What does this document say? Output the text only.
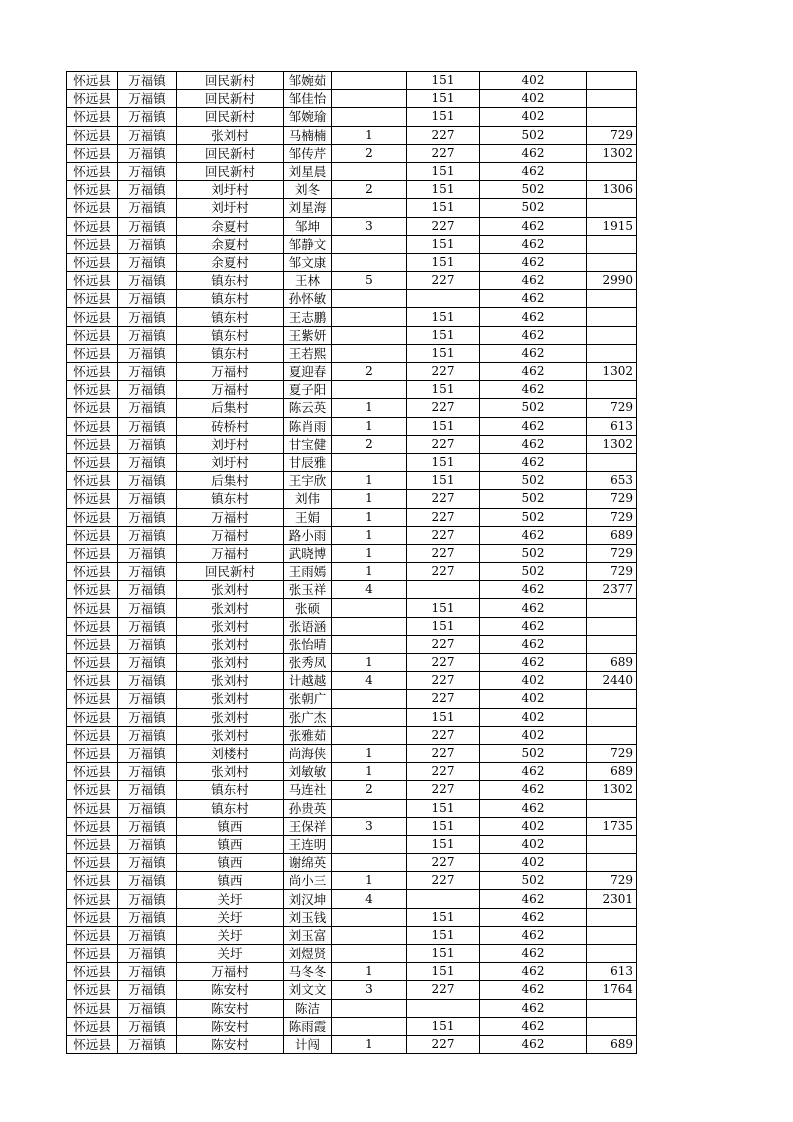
怀远县	万福镇	回民新村	邹婉茹		151	402	
怀远县	万福镇	回民新村	邹佳怡		151	402	
怀远县	万福镇	回民新村	邹婉瑜		151	402	
怀远县	万福镇	张刘村	马楠楠	1	227	502	729
怀远县	万福镇	回民新村	邹传芹	2	227	462	1302
怀远县	万福镇	回民新村	刘星晨		151	462	
怀远县	万福镇	刘圩村	刘冬	2	151	502	1306
怀远县	万福镇	刘圩村	刘星海		151	502	
怀远县	万福镇	余夏村	邹坤	3	227	462	1915
怀远县	万福镇	余夏村	邹静文		151	462	
怀远县	万福镇	余夏村	邹文康		151	462	
怀远县	万福镇	镇东村	王林	5	227	462	2990
怀远县	万福镇	镇东村	孙怀敏			462	
怀远县	万福镇	镇东村	王志鹏		151	462	
怀远县	万福镇	镇东村	王紫妍		151	462	
怀远县	万福镇	镇东村	王若熙		151	462	
怀远县	万福镇	万福村	夏迎春	2	227	462	1302
怀远县	万福镇	万福村	夏子阳		151	462	
怀远县	万福镇	后集村	陈云英	1	227	502	729
怀远县	万福镇	砖桥村	陈肖雨	1	151	462	613
怀远县	万福镇	刘圩村	甘宝健	2	227	462	1302
怀远县	万福镇	刘圩村	甘辰雅		151	462	
怀远县	万福镇	后集村	王宇欣	1	151	502	653
怀远县	万福镇	镇东村	刘伟	1	227	502	729
怀远县	万福镇	万福村	王娟	1	227	502	729
怀远县	万福镇	万福村	路小雨	1	227	462	689
怀远县	万福镇	万福村	武晓博	1	227	502	729
怀远县	万福镇	回民新村	王雨嫣	1	227	502	729
怀远县	万福镇	张刘村	张玉祥	4		462	2377
怀远县	万福镇	张刘村	张硕		151	462	
怀远县	万福镇	张刘村	张语涵		151	462	
怀远县	万福镇	张刘村	张怡晴		227	462	
怀远县	万福镇	张刘村	张秀凤	1	227	462	689
怀远县	万福镇	张刘村	计越越	4	227	402	2440
怀远县	万福镇	张刘村	张朝广		227	402	
怀远县	万福镇	张刘村	张广杰		151	402	
怀远县	万福镇	张刘村	张雅茹		227	402	
怀远县	万福镇	刘楼村	尚海侠	1	227	502	729
怀远县	万福镇	张刘村	刘敏敏	1	227	462	689
怀远县	万福镇	镇东村	马连社	2	227	462	1302
怀远县	万福镇	镇东村	孙贵英		151	462	
怀远县	万福镇	镇西	王保祥	3	151	402	1735
怀远县	万福镇	镇西	王连明		151	402	
怀远县	万福镇	镇西	谢绵英		227	402	
怀远县	万福镇	镇西	尚小三	1	227	502	729
怀远县	万福镇	关圩	刘汉坤	4		462	2301
怀远县	万福镇	关圩	刘玉钱		151	462	
怀远县	万福镇	关圩	刘玉富		151	462	
怀远县	万福镇	关圩	刘煜贤		151	462	
怀远县	万福镇	万福村	马冬冬	1	151	462	613
怀远县	万福镇	陈安村	刘文文	3	227	462	1764
怀远县	万福镇	陈安村	陈洁			462	
怀远县	万福镇	陈安村	陈雨霞		151	462	
怀远县	万福镇	陈安村	计闯	1	227	462	689
